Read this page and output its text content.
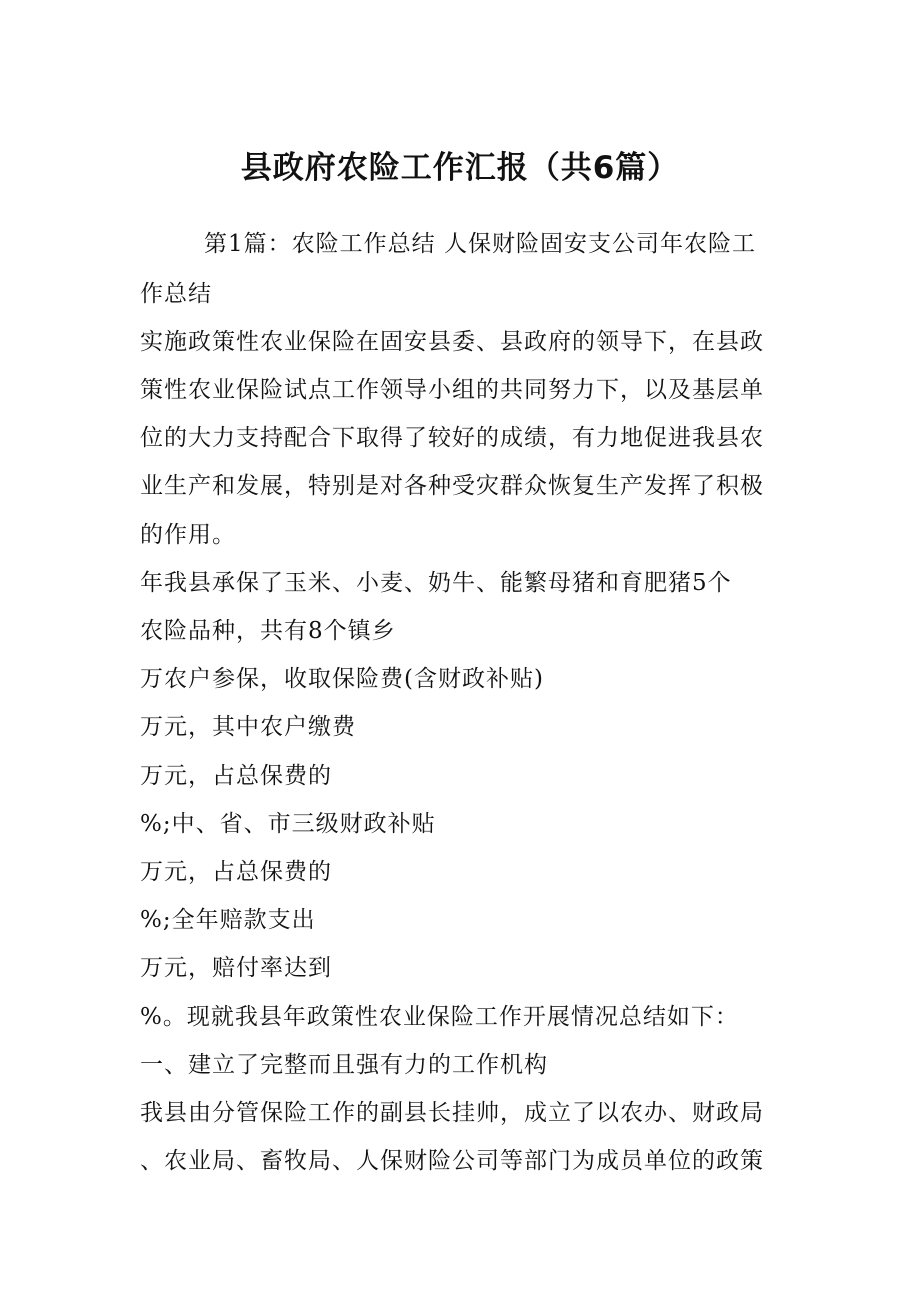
县政府农险工作汇报（共6篇）
第1篇：农险工作总结 人保财险固安支公司年农险工
作总结
实施政策性农业保险在固安县委、县政府的领导下，在县政
策性农业保险试点工作领导小组的共同努力下，以及基层单
位的大力支持配合下取得了较好的成绩，有力地促进我县农
业生产和发展，特别是对各种受灾群众恢复生产发挥了积极
的作用。
年我县承保了玉米、小麦、奶牛、能繁母猪和育肥猪5个
农险品种，共有8个镇乡
万农户参保，收取保险费(含财政补贴)
万元，其中农户缴费
万元，占总保费的
%;中、省、市三级财政补贴
万元，占总保费的
%;全年赔款支出
万元，赔付率达到
%。现就我县年政策性农业保险工作开展情况总结如下：
一、建立了完整而且强有力的工作机构
我县由分管保险工作的副县长挂帅，成立了以农办、财政局
、农业局、畜牧局、人保财险公司等部门为成员单位的政策
